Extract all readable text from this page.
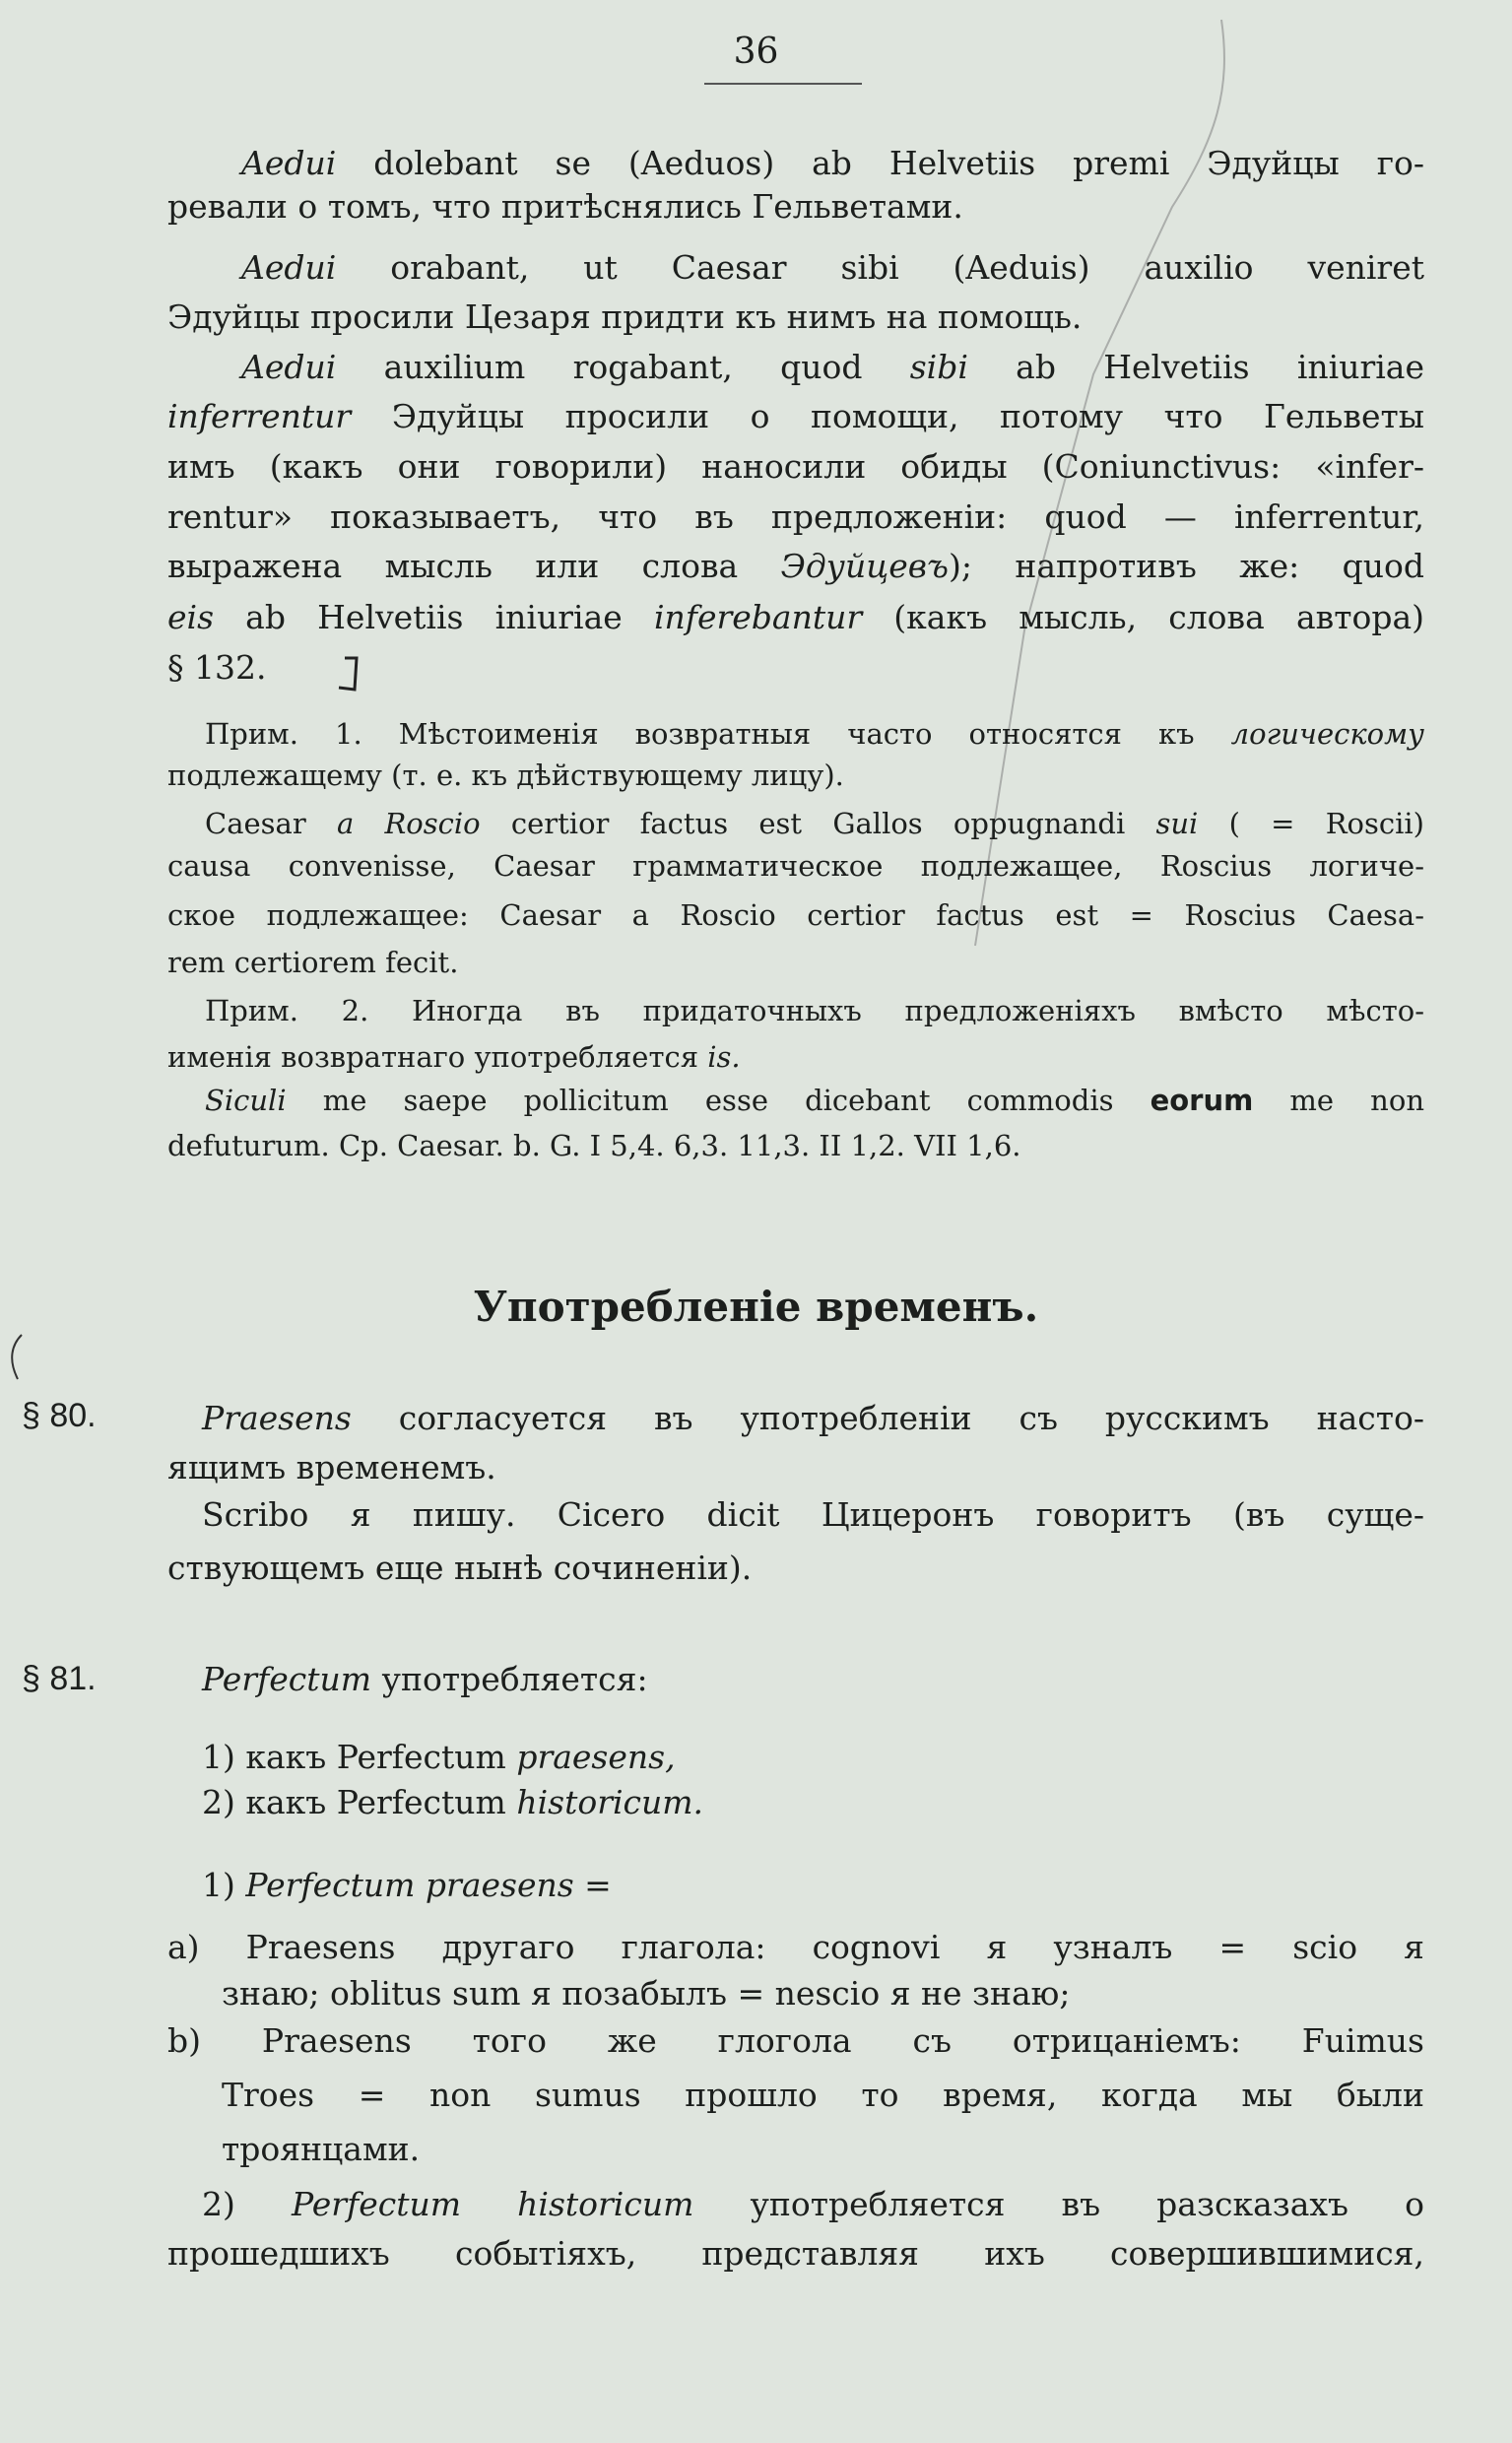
36
Употребленіе временъ.
§ 80.
§ 81.
Aedui dolebant se (Aeduos) ab Helvetiis premi Эдуйцы го-
ревали о томъ, что притѣснялись Гельветами.
Aedui orabant, ut Caesar sibi (Aeduis) auxilio veniret
Эдуйцы просили Цезаря придти къ нимъ на помощь.
Aedui auxilium rogabant, quod sibi ab Helvetiis iniuriae
inferrentur Эдуйцы просили о помощи, потому что Гельветы
имъ (какъ они говорили) наносили обиды (Coniunctivus: «infer-
rentur» показываетъ, что въ предложеніи: quod — inferrentur,
выражена мысль или слова Эдуйцевъ); напротивъ же: quod
eis ab Helvetiis iniuriae inferebantur (какъ мысль, слова автора)
§ 132.
Прим. 1. Мѣстоименія возвратныя часто относятся къ логическому
подлежащему (т. е. къ дѣйствующему лицу).
Caesar a Roscio certior factus est Gallos oppugnandi sui ( = Roscii)
causa convenisse, Caesar грамматическое подлежащее, Roscius логиче-
ское подлежащее: Caesar a Roscio certior factus est = Roscius Caesa-
rem certiorem fecit.
Прим. 2. Иногда въ придаточныхъ предложеніяхъ вмѣсто мѣсто-
именія возвратнаго употребляется is.
Siculi me saepe pollicitum esse dicebant commodis eorum me non
defuturum. Ср. Caesar. b. G. I 5,4. 6,3. 11,3. II 1,2. VII 1,6.
Praesens согласуется въ употребленіи съ русскимъ насто-
ящимъ временемъ.
Scribo я пишу. Cicero dicit Цицеронъ говоритъ (въ суще-
ствующемъ еще нынѣ сочиненіи).
Perfectum употребляется:
1) какъ Perfectum praesens,
2) какъ Perfectum historicum.
1) Perfectum praesens =
a) Praesens другаго глагола: cognovi я узналъ = scio я
знаю; oblitus sum я позабылъ = nescio я не знаю;
b) Praesens того же глогола съ отрицаніемъ: Fuimus
Troes = non sumus прошло то время, когда мы были
троянцами.
2) Perfectum historicum употребляется въ разсказахъ о
прошедшихъ событіяхъ, представляя ихъ совершившимися,
